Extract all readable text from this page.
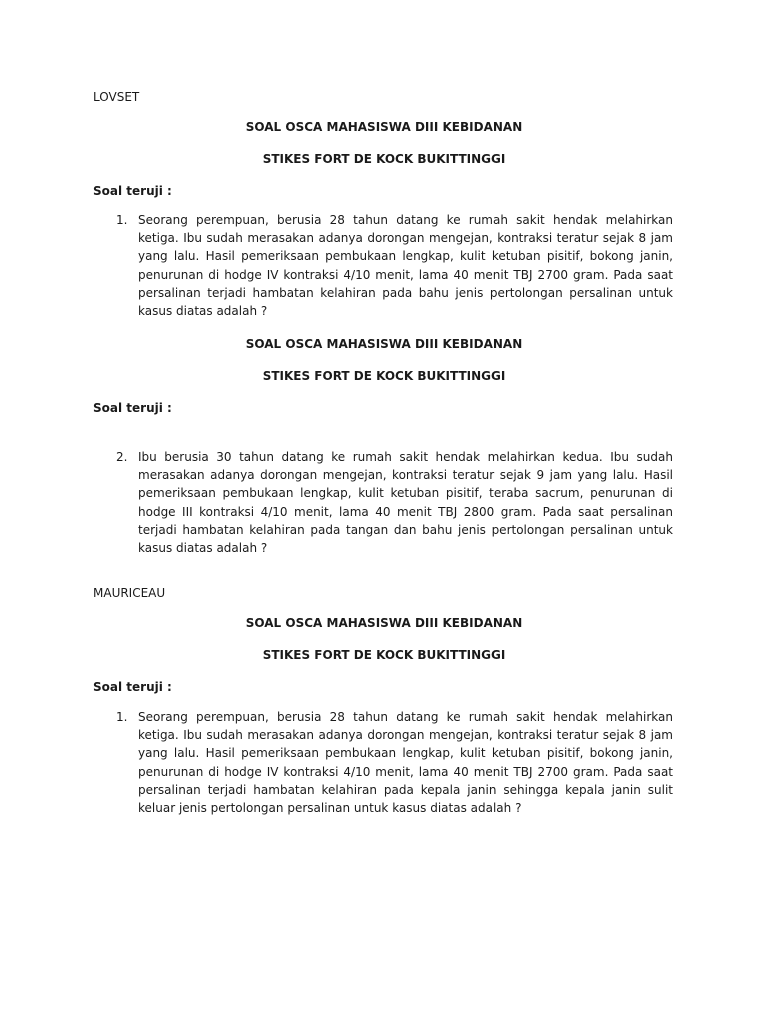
LOVSET
SOAL OSCA MAHASISWA DIII KEBIDANAN
STIKES FORT DE KOCK BUKITTINGGI
Soal teruji :
1. Seorang perempuan, berusia 28 tahun datang ke rumah sakit hendak melahirkan ketiga. Ibu sudah merasakan adanya dorongan mengejan, kontraksi teratur sejak 8 jam yang lalu. Hasil pemeriksaan pembukaan lengkap, kulit ketuban pisitif, bokong janin, penurunan di hodge IV kontraksi 4/10 menit, lama 40 menit TBJ 2700 gram. Pada saat persalinan terjadi hambatan kelahiran pada bahu jenis pertolongan persalinan untuk kasus diatas adalah ?
SOAL OSCA MAHASISWA DIII KEBIDANAN
STIKES FORT DE KOCK BUKITTINGGI
Soal teruji :
2. Ibu berusia 30 tahun datang ke rumah sakit hendak melahirkan kedua. Ibu sudah merasakan adanya dorongan mengejan, kontraksi teratur sejak 9 jam yang lalu. Hasil pemeriksaan pembukaan lengkap, kulit ketuban pisitif, teraba sacrum, penurunan di hodge III kontraksi 4/10 menit, lama 40 menit TBJ 2800 gram. Pada saat persalinan terjadi hambatan kelahiran pada tangan dan bahu jenis pertolongan persalinan untuk kasus diatas adalah ?
MAURICEAU
SOAL OSCA MAHASISWA DIII KEBIDANAN
STIKES FORT DE KOCK BUKITTINGGI
Soal teruji :
1. Seorang perempuan, berusia 28 tahun datang ke rumah sakit hendak melahirkan ketiga. Ibu sudah merasakan adanya dorongan mengejan, kontraksi teratur sejak 8 jam yang lalu. Hasil pemeriksaan pembukaan lengkap, kulit ketuban pisitif, bokong janin, penurunan di hodge IV kontraksi 4/10 menit, lama 40 menit TBJ 2700 gram. Pada saat persalinan terjadi hambatan kelahiran pada kepala janin sehingga kepala janin sulit keluar jenis pertolongan persalinan untuk kasus diatas adalah ?
